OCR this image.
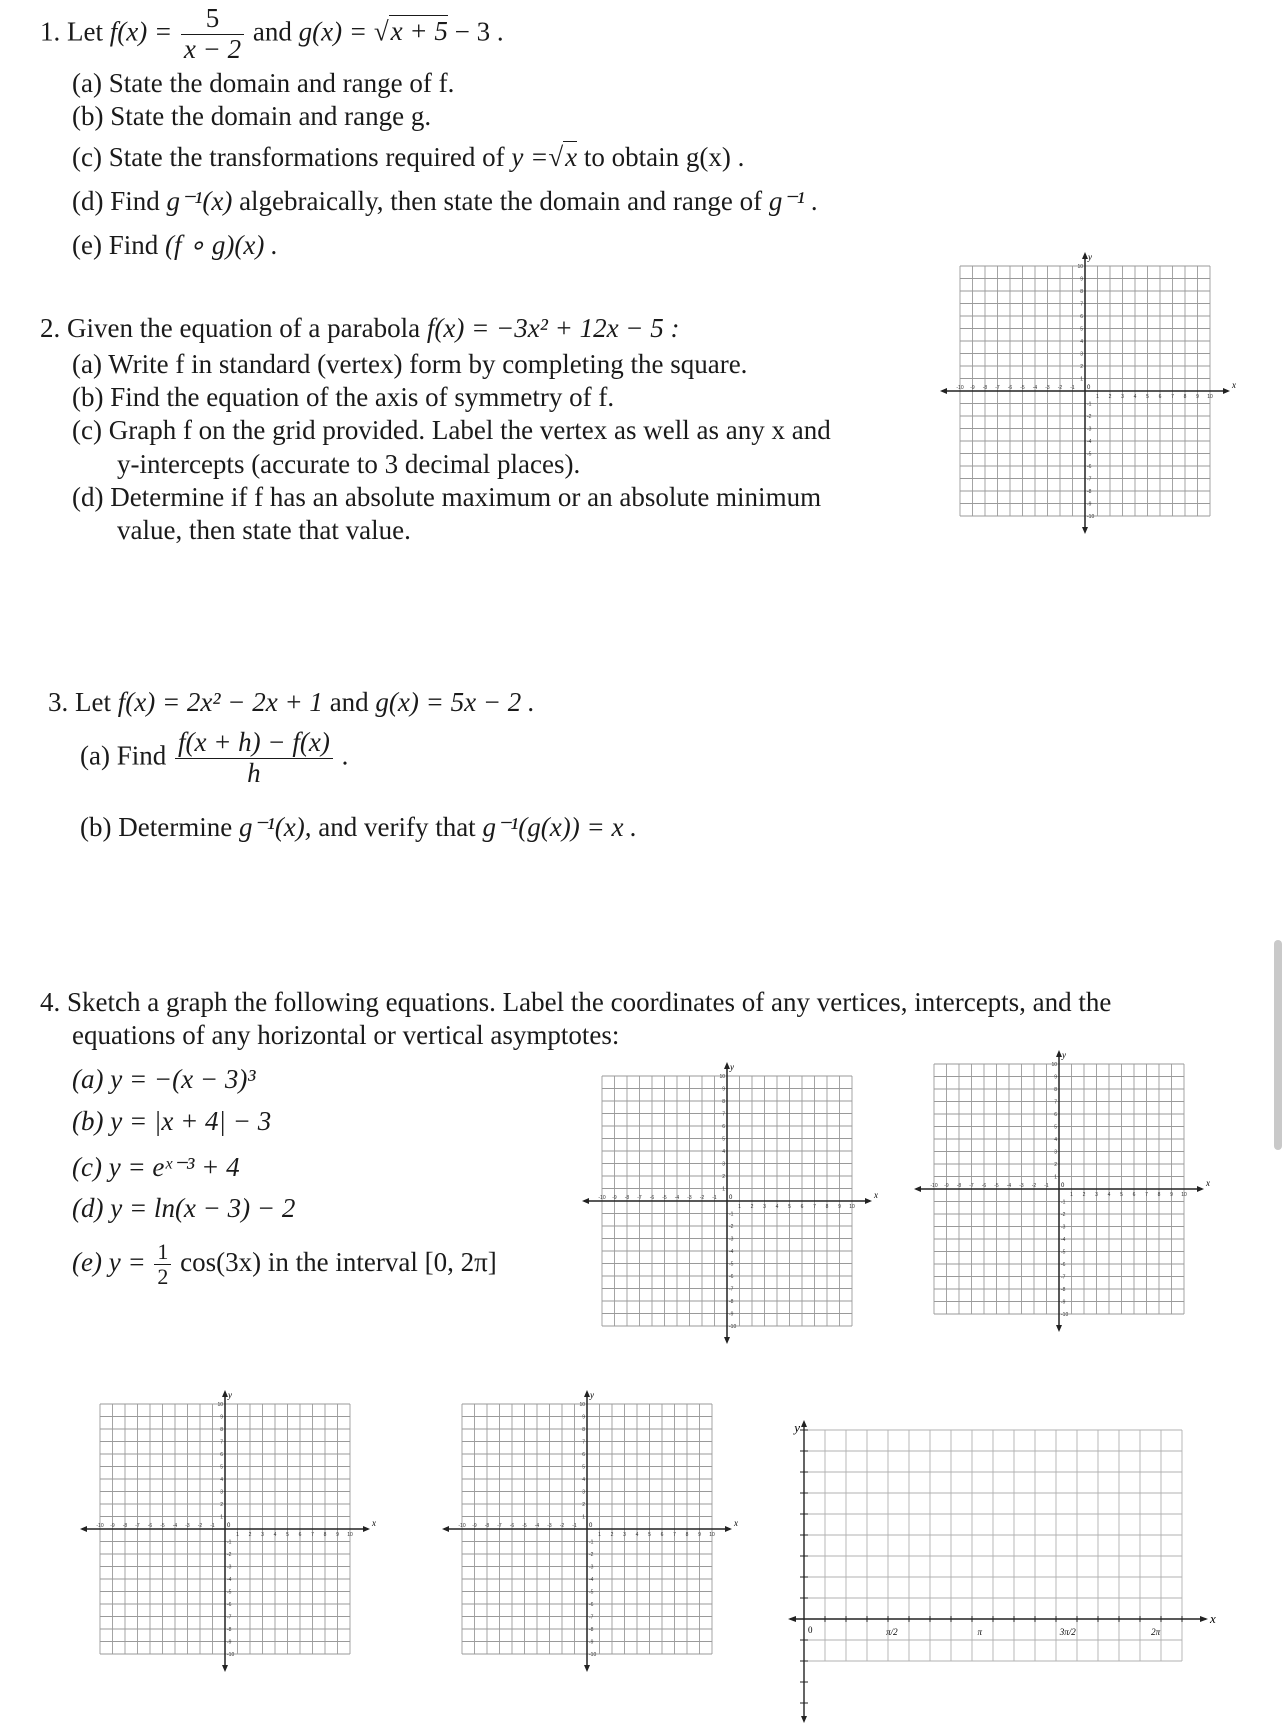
1. Let $f(x) = \frac{5}{x - 2}$ and g(x) = √x + 5 − 3 .
(a) State the domain and range of f.
(b) State the domain and range g.
(c) State the transformations required of y =√x to obtain g(x) .
(d) Find g⁻¹(x) algebraically, then state the domain and range of g⁻¹ .
(e) Find (f ∘ g)(x) .
2. Given the equation of a parabola f(x) = −3x² + 12x − 5 :
(a) Write f in standard (vertex) form by completing the square.
(b) Find the equation of the axis of symmetry of f.
(c) Graph f on the grid provided. Label the vertex as well as any x and
y-intercepts (accurate to 3 decimal places).
(d) Determine if f has an absolute maximum or an absolute minimum
value, then state that value.
3. Let f(x) = 2x² − 2x + 1 and g(x) = 5x − 2 .
(a) Find $\frac{f(x + h) - f(x)}{h}$ .
(b) Determine g⁻¹(x), and verify that g⁻¹(g(x)) = x .
4. Sketch a graph the following equations. Label the coordinates of any vertices, intercepts, and the
equations of any horizontal or vertical asymptotes:
(a) y = −(x − 3)³
(b) y = |x + 4| − 3
(c) y = eˣ⁻³ + 4
(d) y = ln(x − 3) − 2
(e) $y = \frac{1}{2} \cos(3x)$ in the interval [0, 2π]
x
y
0
-10
-10
-9
-9
-8
-8
-7
-7
-6
-6
-5
-5
-4
-4
-3
-3
-2
-2
-1
-1
1
1
2
2
3
3
4
4
5
5
6
6
7
7
8
8
9
9
10
10
x
y
0
-10
-10
-9
-9
-8
-8
-7
-7
-6
-6
-5
-5
-4
-4
-3
-3
-2
-2
-1
-1
1
1
2
2
3
3
4
4
5
5
6
6
7
7
8
8
9
9
10
10
x
y
0
-10
-10
-9
-9
-8
-8
-7
-7
-6
-6
-5
-5
-4
-4
-3
-3
-2
-2
-1
-1
1
1
2
2
3
3
4
4
5
5
6
6
7
7
8
8
9
9
10
10
x
y
0
-10
-10
-9
-9
-8
-8
-7
-7
-6
-6
-5
-5
-4
-4
-3
-3
-2
-2
-1
-1
1
1
2
2
3
3
4
4
5
5
6
6
7
7
8
8
9
9
10
10
x
y
0
-10
-10
-9
-9
-8
-8
-7
-7
-6
-6
-5
-5
-4
-4
-3
-3
-2
-2
-1
-1
1
1
2
2
3
3
4
4
5
5
6
6
7
7
8
8
9
9
10
10
y
x
0	π/2	π	3π/2	2π
